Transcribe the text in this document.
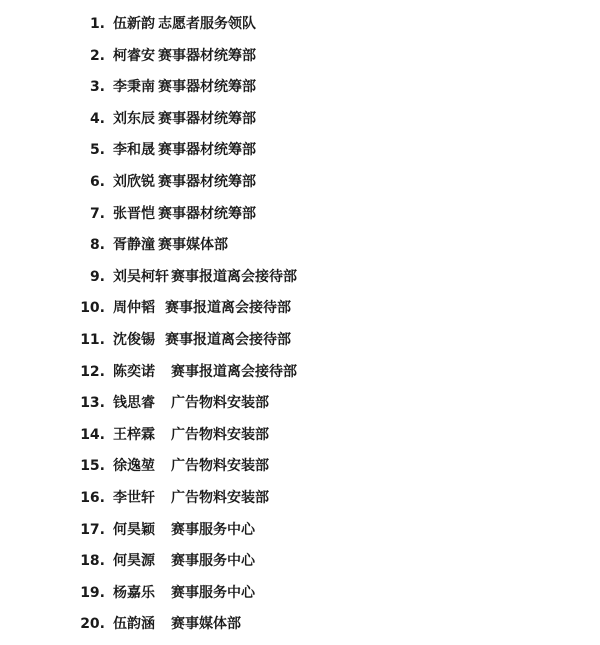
1. 伍新韵 志愿者服务领队
2. 柯睿安 赛事器材统筹部
3. 李秉南 赛事器材统筹部
4. 刘东辰 赛事器材统筹部
5. 李和晟 赛事器材统筹部
6. 刘欣锐 赛事器材统筹部
7. 张晋恺 赛事器材统筹部
8. 胥静潼 赛事媒体部
9. 刘吴柯轩 赛事报道离会接待部
10. 周仲韬 赛事报道离会接待部
11. 沈俊锡 赛事报道离会接待部
12. 陈奕诺 赛事报道离会接待部
13. 钱思睿 广告物料安装部
14. 王梓霖 广告物料安装部
15. 徐逸堃 广告物料安装部
16. 李世轩 广告物料安装部
17. 何昊颖 赛事服务中心
18. 何昊源 赛事服务中心
19. 杨嘉乐 赛事服务中心
20. 伍韵涵 赛事媒体部
